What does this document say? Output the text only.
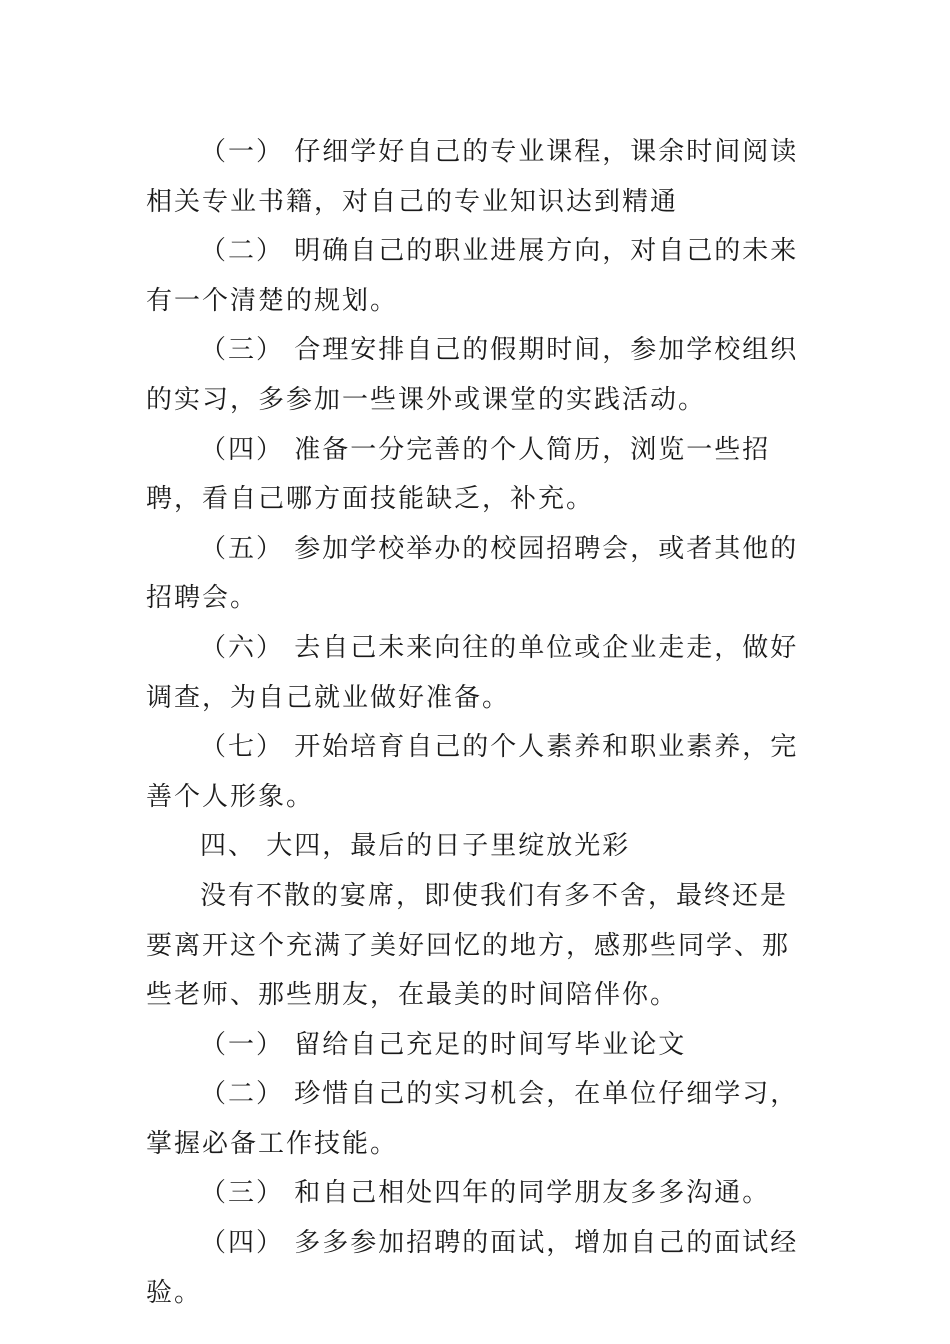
（一） 仔细学好自己的专业课程，课余时间阅读相关专业书籍，对自己的专业知识达到精通

（二） 明确自己的职业进展方向，对自己的未来有一个清楚的规划。

（三） 合理安排自己的假期时间，参加学校组织的实习，多参加一些课外或课堂的实践活动。

（四） 准备一分完善的个人简历，浏览一些招聘，看自己哪方面技能缺乏，补充。

（五） 参加学校举办的校园招聘会，或者其他的招聘会。

（六） 去自己未来向往的单位或企业走走，做好调查，为自己就业做好准备。

（七） 开始培育自己的个人素养和职业素养，完善个人形象。

四、 大四，最后的日子里绽放光彩

没有不散的宴席，即使我们有多不舍，最终还是要离开这个充满了美好回忆的地方，感那些同学、那些老师、那些朋友，在最美的时间陪伴你。

（一） 留给自己充足的时间写毕业论文

（二） 珍惜自己的实习机会，在单位仔细学习，掌握必备工作技能。

（三） 和自己相处四年的同学朋友多多沟通。

（四） 多多参加招聘的面试，增加自己的面试经验。
